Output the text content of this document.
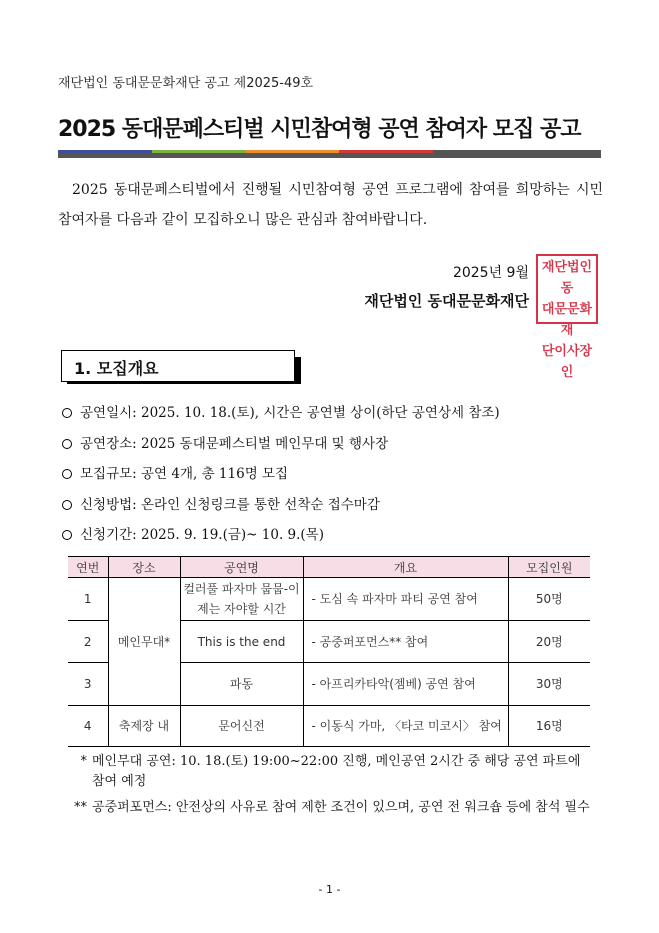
재단법인 동대문문화재단 공고 제2025-49호
2025 동대문페스티벌 시민참여형 공연 참여자 모집 공고
2025 동대문페스티벌에서 진행될 시민참여형 공연 프로그램에 참여를 희망하는 시민 참여자를 다음과 같이 모집하오니 많은 관심과 참여바랍니다.
2025년 9월
재단법인 동대문문화재단
재단법인동
대문문화재
단이사장인
1. 모집개요
공연일시: 2025. 10. 18.(토), 시간은 공연별 상이(하단 공연상세 참조)
공연장소: 2025 동대문페스티벌 메인무대 및 행사장
모집규모: 공연 4개, 총 116명 모집
신청방법: 온라인 신청링크를 통한 선착순 접수마감
신청기간: 2025. 9. 19.(금)~ 10. 9.(목)
연번	장소	공연명	개요	모집인원
1	메인무대*	컬러풀 파자마 뭅뭅-이제는 자야할 시간	- 도심 속 파자마 파티 공연 참여	50명
2		This is the end	- 공중퍼포먼스** 참여	20명
3		파동	- 아프리카타악(젬베) 공연 참여	30명
4	축제장 내	문어신전	- 이동식 가마, 〈타코 미코시〉 참여	16명

* 메인무대 공연: 10. 18.(토) 19:00~22:00 진행, 메인공연 2시간 중 해당 공연 파트에 참여 예정

** 공중퍼포먼스: 안전상의 사유로 참여 제한 조건이 있으며, 공연 전 워크숍 등에 참석 필수

- 1 -
